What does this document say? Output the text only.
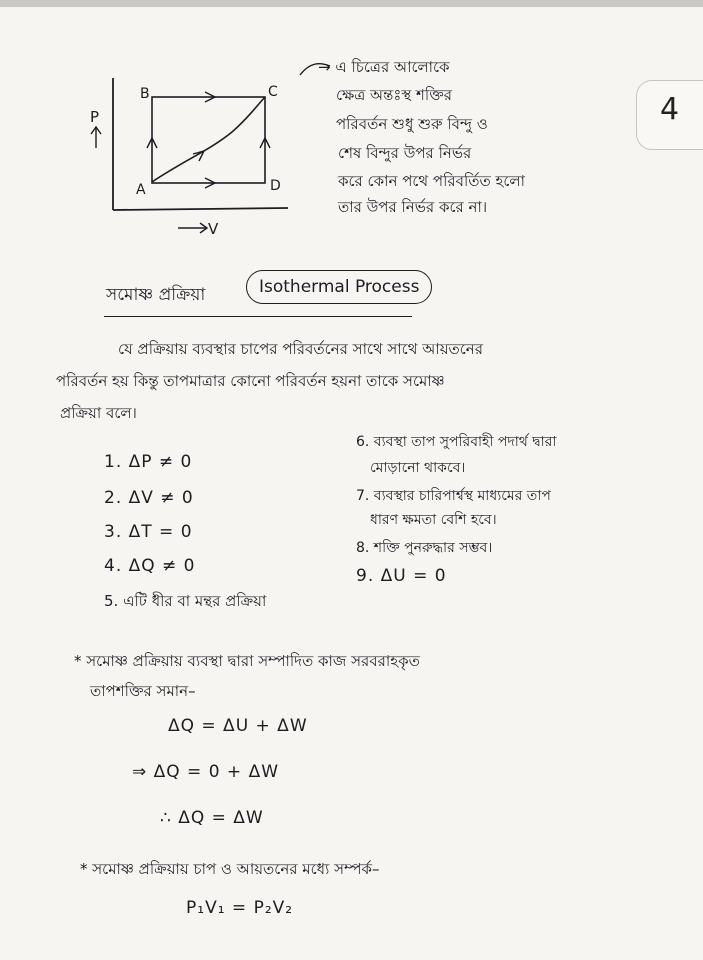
4
P
V
A
B	C
D
→ এ চিত্রের আলোকে
ক্ষেত্র অন্তঃস্থ শক্তির
পরিবর্তন শুধু শুরু বিন্দু ও
শেষ বিন্দুর উপর নির্ভর
করে কোন পথে পরিবর্তিত হলো
তার উপর নির্ভর করে না।
সমোষ্ণ প্রক্রিয়া	Isothermal Process
যে প্রক্রিয়ায় ব্যবস্থার চাপের পরিবর্তনের সাথে সাথে আয়তনের
পরিবর্তন হয় কিন্তু তাপমাত্রার কোনো পরিবর্তন হয়না তাকে সমোষ্ণ
প্রক্রিয়া বলে।
1. ΔP ≠ 0
2. ΔV ≠ 0
3. ΔT = 0
4. ΔQ ≠ 0
5. এটি ধীর বা মন্থর প্রক্রিয়া
6. ব্যবস্থা তাপ সুপরিবাহী পদার্থ দ্বারা
মোড়ানো থাকবে।
7. ব্যবস্থার চারিপার্শ্বস্থ মাধ্যমের তাপ
ধারণ ক্ষমতা বেশি হবে।
8. শক্তি পুনরুদ্ধার সম্ভব।
9. ΔU = 0
* সমোষ্ণ প্রক্রিয়ায় ব্যবস্থা দ্বারা সম্পাদিত কাজ সরবরাহকৃত
তাপশক্তির সমান–
ΔQ = ΔU + ΔW
⇒ ΔQ = 0 + ΔW
∴ ΔQ = ΔW
* সমোষ্ণ প্রক্রিয়ায় চাপ ও আয়তনের মধ্যে সম্পর্ক–
P₁V₁ = P₂V₂
